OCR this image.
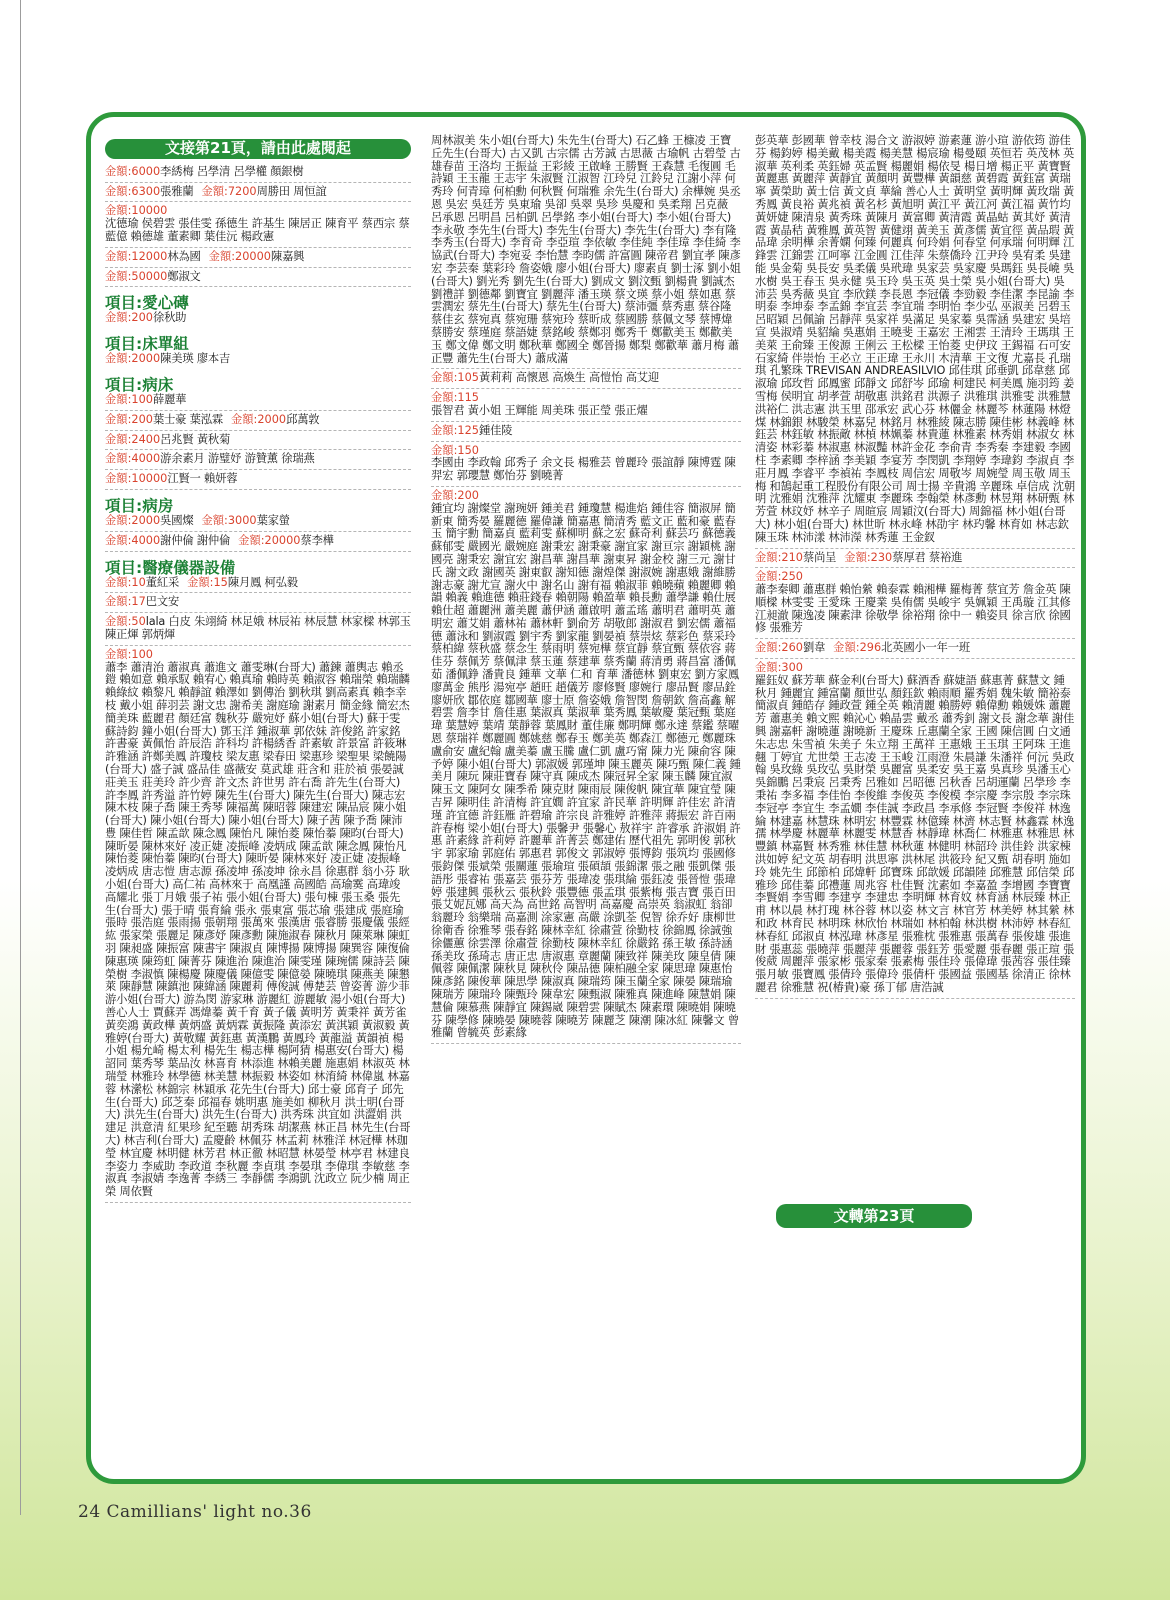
文接第21頁，請由此處閱起
金額:6000李綉梅 呂學清 呂學權 顏銀樹
金額:6300張雅蘭 金額:7200周勝田 周恒誼
金額:10000
沈德瑜 侯碧雲 張佳雯 孫德生 許基生 陳居正 陳育平 蔡西宗 蔡藍億 賴德雄 董素卿 葉佳沅 楊政憲
金額:12000林為國 金額:20000陳嘉興
金額:50000鄭淑文
項目:愛心磚
金額:200徐秋助
項目:床單組
金額:2000陳美瑛 廖本吉
項目:病床
金額:100薛麗華
金額:200葉士豪 葉泓霖 金額:2000邱萬敦
金額:2400呂兆賢 黃秋菊
金額:4000游余素月 游璧妤 游贊薰 徐瑞燕
金額:10000江賢一 賴妍蓉
項目:病房
金額:2000吳國燦 金額:3000葉家螢
金額:4000謝仲倫 謝仲倫 金額:20000蔡李樺
項目:醫療儀器設備
金額:10董紅采 金額:15陳月鳳 柯弘毅
金額:17巴文安
金額:50lala 白皮 朱翊綺 林足娥 林辰祐 林辰慧 林家樑 林郭玉 陳正煇 郭炳煇
金額:100
蕭李 蕭清治 蕭淑真 蕭進文 蕭雯琳(台哥大) 蕭鍊 蕭輿志 賴丞鎧 賴如意 賴承馭 賴宥心 賴真瑜 賴時英 賴淑容 賴瑞榮 賴瑞麟 賴綠紋 賴黎凡 賴靜誼 賴澤如 劉傳治 劉秋琪 劉高素真 賴李幸枝 戴小姐 薛羽芸 謝文忠 謝希美 謝庭瑜 謝素月 簡金緣 簡宏杰 簡美珠 藍麗君 顏廷富 魏秋芬 嚴宛妤 蘇小姐(台哥大) 蘇于雯 蘇詩鈞 鐘小姐(台哥大) 鄧玉洋 鍾淑華 郭依妹 許俊銘 許家銘 許書豪 黃佩怡 許辰浩 許科均 許楊綉香 許素敏 許景富 許筱琳 許雅涵 許鄭美鳳 許瓊枝 梁友惠 梁春田 梁惠珍 梁聖果 梁饒陽(台哥大) 盛子誠 盛品佳 盛薇安 莫武雄 莊含和 莊於禎 張晏誠 莊美玉 莊美玲 許少齊 許文杰 許世男 許右喬 許先生(台哥大) 許李鳳 許秀溢 許竹婷 陳先生(台哥大) 陳先生(台哥大) 陳志宏 陳木枝 陳子喬 陳王秀琴 陳福萬 陳昭蓉 陳建宏 陳品宸 陳小姐(台哥大) 陳小姐(台哥大) 陳小姐(台哥大) 陳子茜 陳予喬 陳沛豊 陳佳哲 陳孟歆 陳念鳳 陳怡凡 陳怡菱 陳怡蓁 陳昀(台哥大) 陳昕晏 陳林來好 凌正婕 凌振峰 凌炳成 陳孟歆 陳念鳳 陳怡凡 陳怡菱 陳怡蓁 陳昀(台哥大) 陳昕晏 陳林來好 凌正婕 凌振峰 凌炳成 唐志愷 唐志源 孫凌坤 孫凌坤 徐永昌 徐惠群 翁小芬 耿小姐(台哥大) 高仁祐 高林來于 高凰謹 高國皓 高瑜霙 高瑋竣 高耀北 張丁月娥 張子祐 張小姐(台哥大) 張句棟 張玉桑 張先生(台哥大) 張于晴 張育綸 張永 張東富 張芯瑜 張建成 張庭瑜 張時 張浩庭 張雨揚 張朝翔 張萬來 張漢唐 張睿勝 張慶儀 張經紘 張家榮 張麗足 陳彥妤 陳彥勳 陳施淑春 陳秋月 陳萊琳 陳虹羽 陳昶盛 陳振富 陳書宇 陳淑貞 陳博揚 陳博揚 陳巽容 陳復倫 陳惠瑛 陳筠虹 陳菁芬 陳進治 陳進治 陳雯瑾 陳琬儒 陳詩芸 陳榮樹 李淑慎 陳楊慶 陳慶儀 陳億雯 陳億嫈 陳曉琪 陳燕美 陳懇萊 陳靜慧 陳鎮池 陳緯涵 陳麗莉 傅俊誠 傅楚芸 曾姿菁 游少菲 游小姐(台哥大) 游為閔 游家琳 游麗紅 游麗敏 湯小姐(台哥大) 善心人士 賈蘇弄 馮煒蓁 黃千育 黃子儀 黃明芳 黃秉祥 黃芳雀 黃奕鴻 黃政樺 黃炳盛 黃炳霖 黃振隆 黃添宏 黃淇穎 黃淑毅 黃雅婷(台哥大) 黃敬耀 黃鈺惠 黃漢鵬 黃鳳玲 黃龍溢 黃韻禎 楊小姐 楊允崎 楊太利 楊先生 楊志樺 楊阿猜 楊惠安(台哥大) 楊詔同 葉秀琴 葉品汝 林喜育 林添進 林賴美麗 施惠娟 林淑英 林瑞瑩 林雅玲 林學德 林美慧 林振毅 林姿如 林淯綺 林偉嵐 林嘉蓉 林瀠松 林錦宗 林穎承 花先生(台哥大) 邱士豪 邱育子 邱先生(台哥大) 邱芝秦 邱福春 姚明惠 施美如 柳秋月 洪士明(台哥大) 洪先生(台哥大) 洪先生(台哥大) 洪秀珠 洪宜如 洪澀娟 洪建足 洪意清 紅果珍 紀至聽 胡秀珠 胡潔燕 林正昌 林先生(台哥大) 林吉利(台哥大) 孟慶齡 林佩芬 林孟莉 林雅洋 林冠樺 林珈瑩 林宜慶 林明健 林芳君 林正徹 林昭慧 林晏瑩 林亭君 林建良 李姿力 李威助 李政道 李秋麗 李貞琪 李晏琪 李偉琪 李敏慈 李淑真 李淑婧 李逸菁 李綉三 李靜儒 李鴻凱 沈政立 阮少楠 周正榮 周依賢
周林淑美 朱小姐(台哥大) 朱先生(台哥大) 石乙蜂 王槺凌 王寶 丘先生(台哥大) 古又凱 古宗儒 古芳誠 古思薇 古瑜帆 古碧瑩 古雄春苗 王洛均 王振益 王彩綾 王啟峰 王勝賢 王森慧 毛復圓 毛詩穎 王玉龍 王志宇 朱淑賢 江淑智 江玲兒 江鈴兒 江謝小萍 何秀玲 何青璋 何柏勳 何秋賢 何瑞雅 余先生(台哥大) 余樺婉 吳丞恩 吳宏 吳廷芳 吳東瑜 吳卻 吳翠 吳珍 吳慶和 吳柔翔 呂克薇 呂承恩 呂明昌 呂柏凱 呂學銘 李小姐(台哥大) 李小姐(台哥大) 李永敬 李先生(台哥大) 李先生(台哥大) 李先生(台哥大) 李有隆 李秀玉(台哥大) 李育奇 李亞瑄 李依敏 李佳純 李佳璋 李佳綺 李協武(台哥大) 李宛妥 李怡慧 李昀儒 許富圓 陳帝君 劉宜孝 陳彥宏 李芸秦 葉彩玲 詹姿娥 廖小姐(台哥大) 廖素貞 劉士涿 劉小姐(台哥大) 劉光秀 劉先生(台哥大) 劉成文 劉汶甄 劉楊貴 劉誠杰 劉禮詳 劉德鄰 劉寶宜 劉麗萍 潘玉瑛 蔡文瑛 蔡小姐 蔡如惠 蔡雲潤宏 蔡先生(台哥大) 蔡先生(台哥大) 蔡沛彊 蔡秀惠 蔡谷隆 蔡佳玄 蔡宛真 蔡宛珊 蔡宛玲 蔡昕成 蔡國勝 蔡佩文琴 蔡博煒 蔡勝安 蔡瑾庭 蔡語婕 蔡銘峻 蔡鄭羽 鄭秀千 鄭歡美玉 鄭歡美玉 鄭文偉 鄭文明 鄭秋華 鄭國全 鄭晉揚 鄭梨 鄭歡華 蕭月梅 蕭正豐 蕭先生(台哥大) 蕭成滿
金額:105黃莉莉 高懷恩 高煥生 高愷怡 高艾迎
金額:115
張智君 黃小姐 王輝能 周美珠 張正瑩 張正燿
金額:125鍾佳陵
金額:150
李國由 李政翰 邱秀子 余文長 楊雅芸 曾麗玲 張誼靜 陳博霆 陳羿宏 郭瓔慧 鄭怡芬 劉曉菁
金額:200
鍾宜均 謝燦堂 謝琬妍 鍾美君 鍾瓊慧 楊進焰 鍾佳容 簡淑屏 簡新東 簡秀晏 羅麗德 羅偉謙 簡嘉惠 簡清秀 藍文正 藍和豪 藍春玉 簡宇勳 簡嘉貞 藍莉雯 蘇柳明 蘇之宏 蘇奇利 蘇芸巧 蘇德義 蘇郁雯 嚴國光 嚴婉庭 謝秉宏 謝秉豪 謝宜家 謝亘宗 謝穎桃 謝國亮 謝秉宏 謝宜宏 謝昌華 謝昌華 謝東昇 謝金校 謝三元 謝甘氏 謝文政 謝國英 謝東叡 謝知德 謝煌傑 謝淑婉 謝惠娥 謝維勝 謝志豪 謝尤宣 謝火中 謝名山 謝有福 賴淑菲 賴曉蘋 賴麗卿 賴韻 賴義 賴進德 賴莊錢春 賴朝陽 賴盈華 賴長勳 蕭學謙 賴仕展 賴仕超 蕭麗洲 蕭美麗 蕭伊涵 蕭啟明 蕭孟瑤 蕭明君 蕭明英 蕭明宏 蕭艾娟 蕭林祐 蕭林軒 劉俞芳 胡敬郎 謝淑君 劉宏儒 蕭福德 蕭泳和 劉淑霞 劉宇秀 劉家龍 劉晏禎 蔡崇炫 蔡彩色 蔡采玲 蔡柏緯 蔡秋盛 蔡念生 蔡雨明 蔡宛樺 蔡宜靜 蔡宜甄 蔡依容 蔣佳芬 蔡佩芳 蔡佩津 蔡玉蓮 蔡建華 蔡秀蘭 蔣清勇 蔣昌富 潘佩茹 潘佩錚 潘貴良 鍾華 文華 仁和 育華 潘德林 劉東宏 劉方家鳳 廖萬金 熊彤 湯宛亭 趙旺 趙儀芳 廖修賢 廖婉行 廖品賢 廖品銓 廖妍欣 鄒依庭 鄒國華 廖士原 詹姿娥 詹智閔 詹朝欽 詹高鑫 解碧雲 詹李甘 詹佳惠 葉淑真 葉淑華 葉秀鳳 葉敏慶 葉冠甄 葉庭瑋 葉慧婷 葉靖 葉靜蓉 葉鳳財 董佳廉 鄭明輝 鄭永達 蔡鑑 蔡曜恩 蔡瑞祥 鄭麗圓 鄭姚慈 鄭春玉 鄭美英 鄭森江 鄭德元 鄭麗珠 盧俞安 盧紀翰 盧美蓁 盧玉騰 盧仁凱 盧巧甯 陳力光 陳俞容 陳予婷 陳小姐(台哥大) 郭淑媛 郭瑾坤 陳玉麗英 陳巧甄 陳仁義 鍾美月 陳玩 陳莊寶春 陳守真 陳成杰 陳冠昇全家 陳玉麟 陳宜淑 陳玉文 陳阿女 陳季希 陳克財 陳雨辰 陳俊帆 陳宜華 陳宜瑩 陳吉昇 陳明佳 許清梅 許宜嫺 許宜家 許民華 許明輝 許佳宏 許清瑾 許宜德 許鈺雁 許碧瑜 許宗良 許雅婷 許雅萍 蔣振宏 許百兩 許春梅 梁小姐(台哥大) 張馨尹 張馨心 敖祥宇 許睿承 許淑娟 許惠 許素緣 許莉婷 許麗華 許菁芸 鄭建佑 歷代祖先 郭明俊 郭秋宇 郭家瑜 郭庭佑 郭惠君 郭俊文 郭淑婷 張博鈞 張筑均 張國修 張鈞傑 張斌榮 張關蓮 張瑜瑄 張碩頡 張錦潔 張之融 張凱傑 張語彤 張睿祐 張嘉芸 張芬芳 張瑋凌 張琪綸 張鈺凌 張晉愷 張瑋婷 張建興 張秋云 張秋鈴 張豐德 張孟琪 張紫梅 張吉寶 張百田 張艾妮瓦娜 高天為 高世銘 高智明 高嘉慶 高崇英 翁淑虹 翁卻 翁麗玲 翁樂瑞 高嘉測 涂家憲 高嚴 涂凱荃 倪智 徐乔好 康柳世 徐衛香 徐雅琴 張春銘 陳林幸紅 徐肅萱 徐勤枝 徐錦鳳 徐誠強 徐儷蕙 徐雲澤 徐肅萱 徐勤枝 陳林幸紅 徐嚴銘 孫王敏 孫詩涵 孫美玫 孫琦志 唐正忠 唐淑惠 章麗蘭 陳致祥 陳美玫 陳皇倩 陳佩蓉 陳佩潔 陳秋見 陳秋伶 陳品德 陳柏融全家 陳思瑋 陳惠怡 陳彥銘 陳俊華 陳思學 陳淑真 陳瑞筠 陳玉蘭全家 陳晏 陳瑞瑜 陳瑞芳 陳瑞玲 陳甄玲 陳韋宏 陳甄淑 陳雅真 陳進峰 陳慧娟 陳慧倫 陳慕燕 陳靜宜 陳錫崴 陳碧雲 陳賦杰 陳素環 陳曉娟 陳曉芬 陳學修 陳曉晏 陳曉蓉 陳曉芳 陳麗芝 陳潮 陳冰紅 陳馨文 曾雅蘭 曾毓英 彭素緣
彭英華 彭國華 曾幸枝 湯合文 游淑婷 游素蓮 游小瑄 游依筠 游佳芬 楊鈞婷 楊美戴 楊美霞 楊美慧 楊宸瑜 楊曼頤 英恒若 英茂林 英淑華 英利柔 英鈺婦 英孟賢 楊麗娟 楊依旻 楊日增 楊正平 黃寶賢 黃麗惠 黃麗萍 黃靜宜 黃顏明 黃豐樺 黃韻慈 黃碧霞 黃鈺富 黃瑞寧 黃榮助 黃士信 黃文貞 華綸 善心人士 黃明堂 黃明輝 黃玫瑞 黃秀鳳 黃良裕 黃兆禎 黃名杉 黃旭明 黃江平 黃江河 黃江福 黃竹均 黃妍婕 陳清泉 黃秀珠 黃陳月 黃富卿 黃清霞 黃晶蛄 黃其妤 黃清霞 黃晶秸 黃雅鳳 黃英智 黃健翊 黃美玉 黃彥儒 黃宜徑 黃品瑕 黃品瑋 余明樺 余菁嫻 何臻 何麗真 何玲娟 何春堂 何承瑞 何明輝 江鋒雲 江錦雲 江呵寧 江金圓 江佳萍 朱蔡僑玲 江尹玲 吳宥柔 吳建能 吳金菊 吳長安 吳柔儀 吳玳瑋 吳家芸 吳家慶 吳瑪鈺 吳長嶢 吳水樹 吳王春玉 吳永健 吳玉玲 吳玉英 吳士榮 吳小姐(台哥大) 吳沛芸 吳秀薇 吳宜 李欣鎂 李長恩 李冠儀 李勁毅 李佳潔 李昆諭 李明泰 李坤泰 李孟錦 李宜芸 李宜瑞 李明怡 李少弘 巫淑美 呂碧玉 呂昭穎 呂佩諭 呂靜萍 吳家祥 吳滿足 吳家蓁 吳霈涵 吳建宏 吳培宣 吳淑靖 吳貂綸 吳惠娟 王曉斐 王嘉宏 王湘雲 王清玲 王瑪琪 王美萊 王俞臻 王俊源 王俐云 王松樑 王怡菱 史伊玟 王錫福 石可安 石家綺 伴崇怡 王必立 王正瑋 王永川 木清華 王文復 尤嘉長 孔瑞琪 孔繁珠 TREVISAN ANDREASILVIO 邱佳琪 邱垂凱 邱韋慈 邱淑瑜 邱玫哲 邱鳳蜜 邱靜文 邱舒岑 邱瑜 柯建民 柯美鳳 施羽筠 姜雪梅 侯明宜 胡孝萱 胡敬惠 洪銘君 洪源子 洪雅琪 洪雅雯 洪雅慧 洪裕仁 洪志憲 洪玉里 邵承宏 武心芬 林儷金 林麗芩 林蓮陽 林燈煤 林錦銀 林駿榮 林嘉兒 林銘月 林雅綾 陳志勝 陳佳彬 林義峰 林鈺芸 林鈺敏 林振敵 林楨 林姵蓁 林貴蓮 林雅素 林秀娟 林淑女 林清姿 林彩蓁 林淑惠 林淑豔 林許金花 李俞青 李秀秦 李建毅 李國柱 李素卿 李梓涵 李美穎 李宴芳 李閔凱 李翔婷 李瑋鈞 李淑貞 李莊月鳳 李睿平 李禎祐 李鳳枝 周信宏 周敬岑 周婉瑩 周玉敬 周玉梅 和鵠起重工程股份有限公司 周士揚 辛貴鴻 辛麗珠 卓信成 沈朝明 沈雅娟 沈雅萍 沈耀東 李麗珠 李翰榮 林彥勳 林昱翔 林研甄 林芳萱 林玟妤 林辛子 周暄宸 周穎汶(台哥大) 周錦福 林小姐(台哥大) 林小姐(台哥大) 林世昕 林永峰 林劭宇 林玓馨 林育如 林志欽 陳玉珠 林沛漾 林沛濚 林秀蓮 王金釵
金額:210蔡尚呈 金額:230蔡厚君 蔡裕進
金額:250
蕭李秦卿 蕭惠群 賴怡縈 賴泰霖 賴湘樺 羅梅菁 蔡宜芳 詹金英 陳順樑 林雯雯 王愛珠 王慶業 吳侑儒 吳峻宇 吳姵穎 王禹璇 江其修 江昶澈 陳逸凌 陳素津 徐敬學 徐裕翔 徐中一 賴姿貝 徐言欣 徐國修 張雅芳
金額:260劉韋 金額:296北英國小一年一班
金額:300
羅鈺奴 蘇芳華 蘇金利(台哥大) 蘇酒香 蘇婕語 蘇惠菁 蘇慧文 鍾秋月 鍾麗宜 鍾富蘭 顏世弘 顏鈺欽 賴雨順 羅秀娟 魏朱敏 簡裕泰 簡淑貞 鍾皓存 鍾政萱 鍾全英 賴清麗 賴勝婷 賴偉勳 賴媛姝 蕭麗芳 蕭惠美 賴文熙 賴沁心 賴晶雲 戴丞 蕭秀釗 謝文長 謝念華 謝佳興 謝嘉軒 謝曉蓮 謝曉新 王慶珠 丘惠蘭全家 王國 陳信圓 白文通 朱志忠 朱雪禎 朱美子 朱立翔 王萬祥 王惠娥 王玉琪 王阿珠 王進翹 丁婷宜 尤世榮 王志凌 王玉峻 江雨澄 朱晨謙 朱潘祥 何沅 吳政翰 吳玫綠 吳玫弘 吳財榮 吳麗富 吳柔安 吳王嘉 吳真珍 吳潘玉心 吳錦鵬 呂秉宸 呂秉秀 呂雅如 呂昭德 呂秋香 呂胡運蘭 呂學珍 李秉祐 李多福 李佳怡 李俊維 李俊英 李俊模 李宗慶 李宗殷 李宗珠 李冠亭 李宜生 李孟嫺 李佳誠 李政昌 李承修 李冠賢 李俊祥 林逸綸 林建嘉 林慧珠 林明宏 林豐霖 林億臻 林濟 林志賢 林鑫霖 林逸孺 林學慶 林麗華 林麗雯 林慧香 林靜瑋 林喬仁 林雅惠 林雅思 林豐鎮 林嘉賢 林秀雅 林佳慧 林秋蓮 林健明 林韶玲 洪佳鈴 洪家棟 洪如婷 紀文英 胡春明 洪思寧 洪林尾 洪筱玲 紀又甄 胡春明 施如玲 姚先生 邱節柏 邱煒軒 邱寶珠 邱歆媛 邱韻陸 邱雅慧 邱信榮 邱雅珍 邱佳蓁 邱禮蓮 周兆容 杜佳賢 沈素如 李嘉盈 李增國 李寶寶 李賢娟 李雪卿 李建亨 李建忠 李明輝 林育妏 林育涵 林辰臻 林正甫 林以晨 林打瑰 林谷蓉 林以姿 林文言 林官芳 林美婷 林其縈 林和政 林育民 林明珠 林欣怡 林瑞如 林柏翰 林洪樹 林沛婷 林春紅 林春紅 邱淑貞 林泓瑋 林彥星 張雅枕 張雅惠 張萬春 張俊雄 張進財 張惠蕊 張曉萍 張麗萍 張麗蓉 張鈺芳 張愛麗 張春麗 張正瑄 張俊葳 周麗萍 張家彬 張家秦 張素梅 張佳玲 張偉瑋 張茜容 張佳臻 張月敏 張寶鳳 張倩玲 張偉玲 張倩杆 張國益 張國基 徐清正 徐林麗君 徐雅慧 祝(椿貴)豪 孫丁郁 唐浩誠
文轉第23頁
24 Camillians' light no.36
